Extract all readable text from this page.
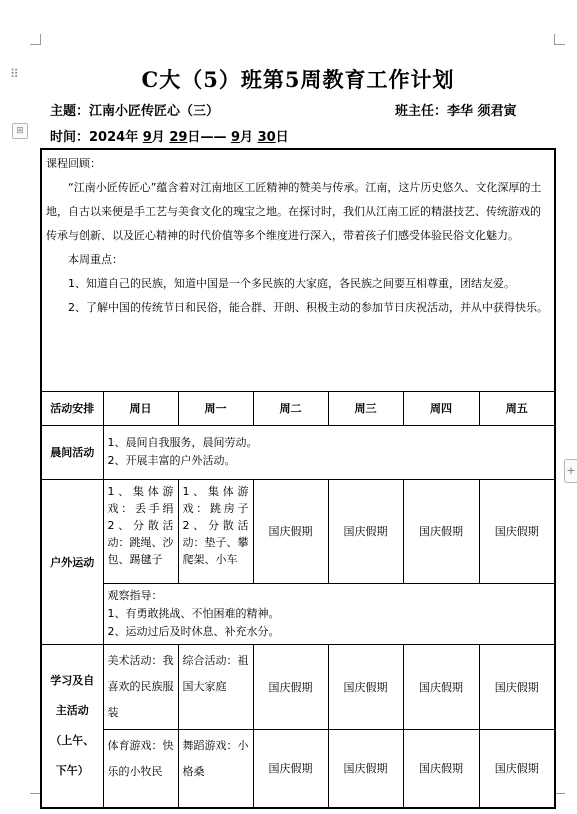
⠿
⊞
+
C大（5）班第5周教育工作计划
主题：江南小匠传匠心（三）	班主任：李华 须君寅
时间：2024年 9月 29日—— 9月 30日

课程回顾：

“江南小匠传匠心”蕴含着对江南地区工匠精神的赞美与传承。江南，这片历史悠久、文化深厚的土地，自古以来便是手工艺与美食文化的瑰宝之地。在探讨时，我们从江南工匠的精湛技艺、传统游戏的传承与创新、以及匠心精神的时代价值等多个维度进行深入，带着孩子们感受体验民俗文化魅力。

本周重点：

1、知道自己的民族，知道中国是一个多民族的大家庭，各民族之间要互相尊重，团结友爱。

2、了解中国的传统节日和民俗，能合群、开朗、积极主动的参加节日庆祝活动，并从中获得快乐。						

活动安排	周日	周一	周二	周三	周四	周五
晨间活动	1、晨间自我服务，晨间劳动。
2、开展丰富的户外活动。					

户外运动	1、集体游戏：丢手绢 2、分散活动：跳绳、沙包、踢毽子	1、集体游戏：跳房子 2、分散活动：垫子、攀爬架、小车	国庆假期	国庆假期	国庆假期	国庆假期

	观察指导：
1、有勇敢挑战、不怕困难的精神。
2、运动过后及时休息、补充水分。					

学习及自
主活动
（上午、
下午）	美术活动：我喜欢的民族服装	综合活动：祖国大家庭	国庆假期	国庆假期	国庆假期	国庆假期
	体育游戏：快乐的小牧民	舞蹈游戏：小格桑	国庆假期	国庆假期	国庆假期	国庆假期
